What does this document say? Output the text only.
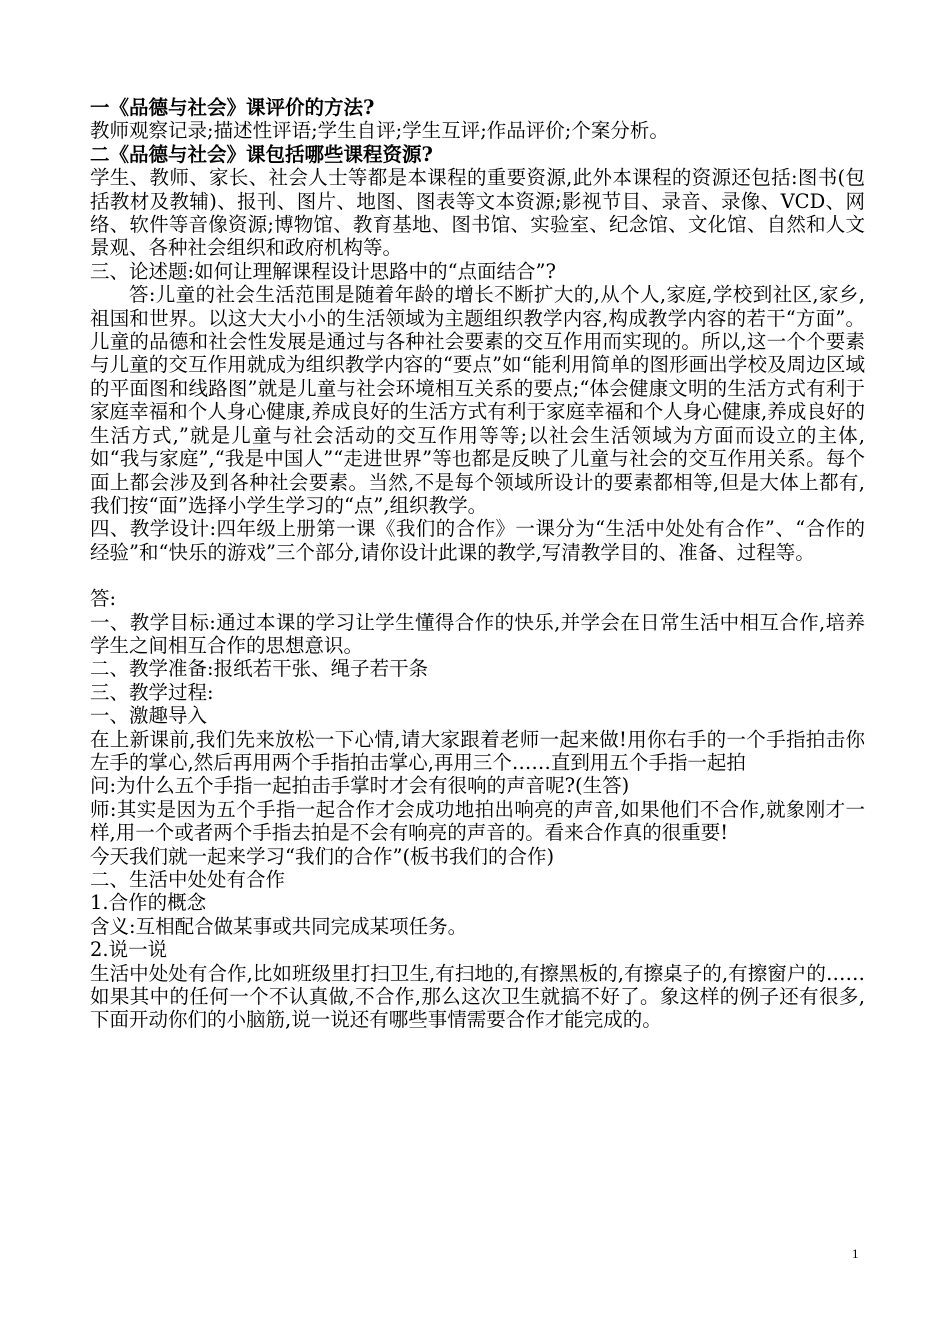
一《品德与社会》课评价的方法?

教师观察记录;描述性评语;学生自评;学生互评;作品评价;个案分析。

二《品德与社会》课包括哪些课程资源?

学生、教师、家长、社会人士等都是本课程的重要资源,此外本课程的资源还包括:图书(包括教材及教辅)、报刊、图片、地图、图表等文本资源;影视节目、录音、录像、VCD、网络、软件等音像资源;博物馆、教育基地、图书馆、实验室、纪念馆、文化馆、自然和人文景观、各种社会组织和政府机构等。

三、论述题:如何让理解课程设计思路中的“点面结合”?

答:儿童的社会生活范围是随着年龄的增长不断扩大的,从个人,家庭,学校到社区,家乡,祖国和世界。以这大大小小的生活领域为主题组织教学内容,构成教学内容的若干“方面”。儿童的品德和社会性发展是通过与各种社会要素的交互作用而实现的。所以,这一个个要素与儿童的交互作用就成为组织教学内容的“要点”如“能利用简单的图形画出学校及周边区域的平面图和线路图”就是儿童与社会环境相互关系的要点;“体会健康文明的生活方式有利于家庭幸福和个人身心健康,养成良好的生活方式有利于家庭幸福和个人身心健康,养成良好的生活方式,”就是儿童与社会活动的交互作用等等;以社会生活领域为方面而设立的主体,如“我与家庭”,“我是中国人”“走进世界”等也都是反映了儿童与社会的交互作用关系。每个面上都会涉及到各种社会要素。当然,不是每个领域所设计的要素都相等,但是大体上都有,我们按“面”选择小学生学习的“点”,组织教学。

四、教学设计:四年级上册第一课《我们的合作》一课分为“生活中处处有合作”、“合作的经验”和“快乐的游戏”三个部分,请你设计此课的教学,写清教学目的、准备、过程等。

答:

一、教学目标:通过本课的学习让学生懂得合作的快乐,并学会在日常生活中相互合作,培养学生之间相互合作的思想意识。

二、教学准备:报纸若干张、绳子若干条

三、教学过程:

一、激趣导入

在上新课前,我们先来放松一下心情,请大家跟着老师一起来做!用你右手的一个手指拍击你左手的掌心,然后再用两个手指拍击掌心,再用三个……直到用五个手指一起拍

问:为什么五个手指一起拍击手掌时才会有很响的声音呢?(生答)

师:其实是因为五个手指一起合作才会成功地拍出响亮的声音,如果他们不合作,就象刚才一样,用一个或者两个手指去拍是不会有响亮的声音的。看来合作真的很重要!

今天我们就一起来学习“我们的合作”(板书我们的合作)

二、生活中处处有合作

1.合作的概念

含义:互相配合做某事或共同完成某项任务。

2.说一说

生活中处处有合作,比如班级里打扫卫生,有扫地的,有擦黑板的,有擦桌子的,有擦窗户的……如果其中的任何一个不认真做,不合作,那么这次卫生就搞不好了。象这样的例子还有很多,下面开动你们的小脑筋,说一说还有哪些事情需要合作才能完成的。

1
